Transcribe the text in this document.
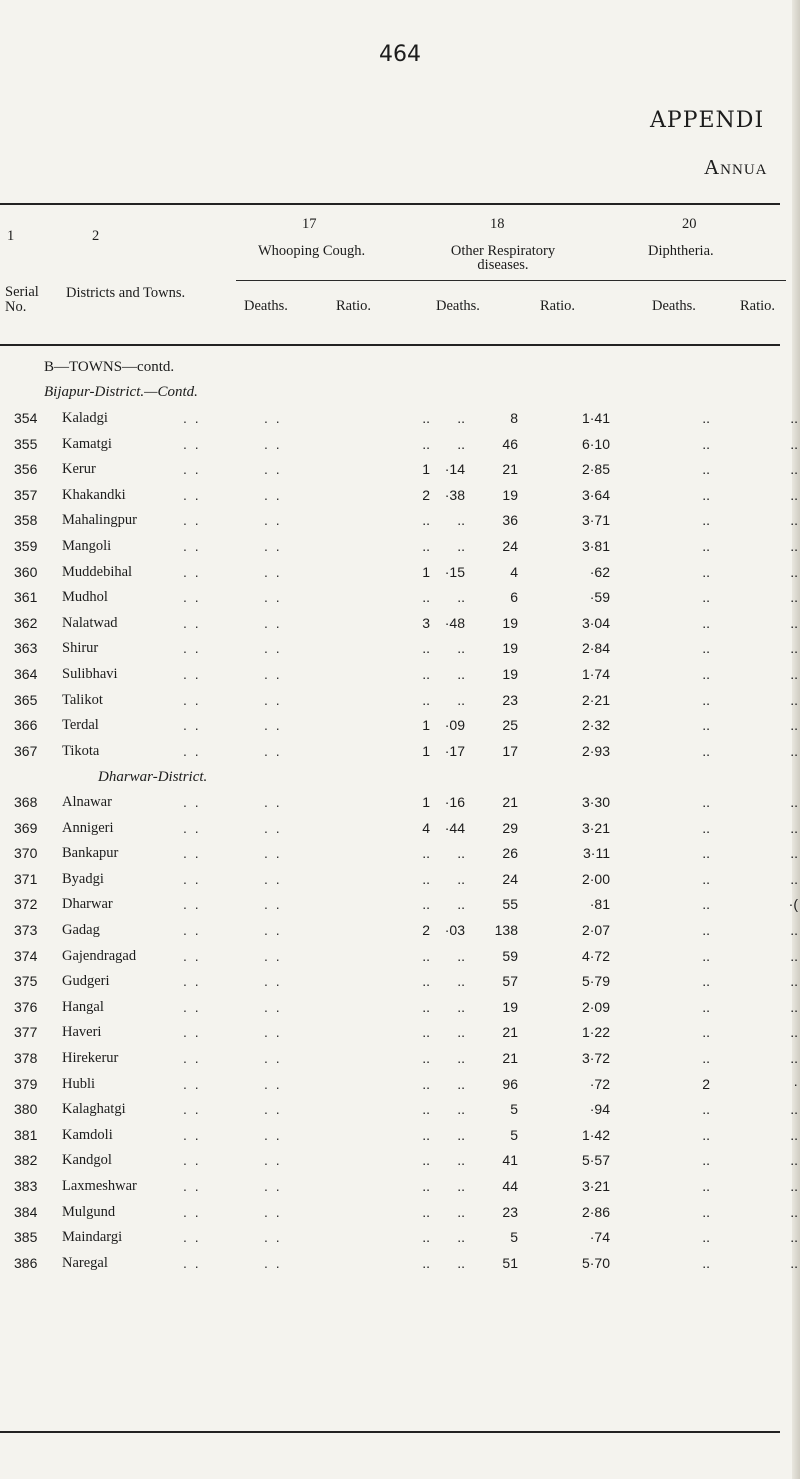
464
APPENDI
Annua
1	2
17	18	20
Whooping Cough.	Other Respiratory
diseases.
Diphtheria.
Serial
No.
Districts and Towns.
Deaths.	Ratio.	Deaths.	Ratio.	Deaths.	Ratio.
B—TOWNS—contd.
Bijapur-District.—Contd.
354 Kaladgi	. .	. .	..	..	8	1·41	..	..
355 Kamatgi	. .	. .	..	..	46	6·10	..	..
356 Kerur	. .	. .	1	·14	21	2·85	..	..
357 Khakandki	. .	. .	2	·38	19	3·64	..	..
358 Mahalingpur	. .	. .	..	..	36	3·71	..	..
359 Mangoli	. .	. .	..	..	24	3·81	..	..
360 Muddebihal	. .	. .	1	·15	4	·62	..	..
361 Mudhol	. .	. .	..	..	6	·59	..	..
362 Nalatwad	. .	. .	3	·48	19	3·04	..	..
363 Shirur	. .	. .	..	..	19	2·84	..	..
364 Sulibhavi	. .	. .	..	..	19	1·74	..	..
365 Talikot	. .	. .	..	..	23	2·21	..	..
366 Terdal	. .	. .	1	·09	25	2·32	..	..
367 Tikota	. .	. .	1	·17	17	2·93	..	..
Dharwar-District.
368 Alnawar	. .	. .	1	·16	21	3·30	..	..
369 Annigeri	. .	. .	4	·44	29	3·21	..	..
370 Bankapur	. .	. .	..	..	26	3·11	..	..
371 Byadgi	. .	. .	..	..	24	2·00	..	..
372 Dharwar	. .	. .	..	..	55	·81	..	·(
373 Gadag	. .	. .	2	·03	138	2·07	..	..
374 Gajendragad	. .	. .	..	..	59	4·72	..	..
375 Gudgeri	. .	. .	..	..	57	5·79	..	..
376 Hangal	. .	. .	..	..	19	2·09	..	..
377 Haveri	. .	. .	..	..	21	1·22	..	..
378 Hirekerur	. .	. .	..	..	21	3·72	..	..
379 Hubli	. .	. .	..	..	96	·72	2	·
380 Kalaghatgi	. .	. .	..	..	5	·94	..	..
381 Kamdoli	. .	. .	..	..	5	1·42	..	..
382 Kandgol	. .	. .	..	..	41	5·57	..	..
383 Laxmeshwar	. .	. .	..	..	44	3·21	..	..
384 Mulgund	. .	. .	..	..	23	2·86	..	..
385 Maindargi	. .	. .	..	..	5	·74	..	..
386 Naregal	. .	. .	..	..	51	5·70	..	..
